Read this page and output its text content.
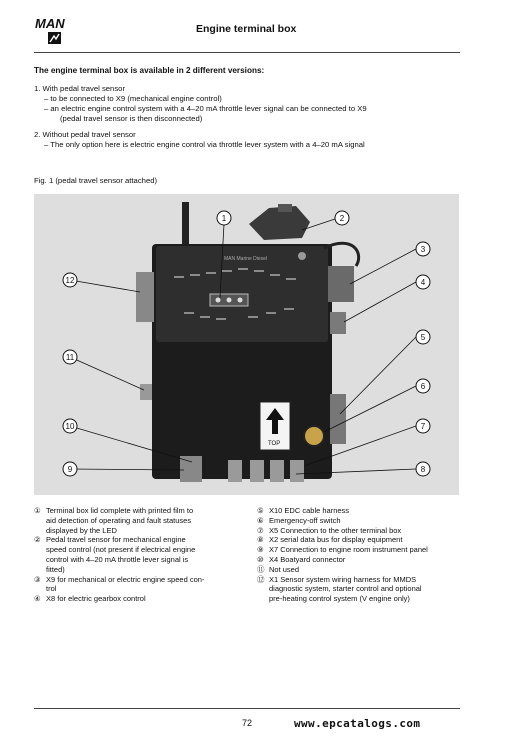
MAN	Engine terminal box
The engine terminal box is available in 2 different versions:
1. With pedal travel sensor
– to be connected to X9 (mechanical engine control)
– an electric engine control system with a 4–20 mA throttle lever signal can be connected to X9
(pedal travel sensor is then disconnected)
2. Without pedal travel sensor
– The only option here is electric engine control via throttle lever system with a 4–20 mA signal
Fig. 1 (pedal travel sensor attached)
MAN Marine Diesel
TOP
1	2
3
4
5
6
7
8
9
10
11
12
① Terminal box lid complete with printed film to
aid detection of operating and fault statuses
displayed by the LED
② Pedal travel sensor for mechanical engine
speed control (not present if electrical engine
control with 4–20 mA throttle lever signal is
fitted)
③ X9 for mechanical or electric engine speed con-
trol
④ X8 for electric gearbox control
⑤ X10 EDC cable harness
⑥ Emergency-off switch
⑦ X5 Connection to the other terminal box
⑧ X2 serial data bus for display equipment
⑨ X7 Connection to engine room instrument panel
⑩ X4 Boatyard connector
⑪ Not used
⑫ X1 Sensor system wiring harness for MMDS
diagnostic system, starter control and optional
pre-heating control system (V engine only)
72	www.epcatalogs.com
